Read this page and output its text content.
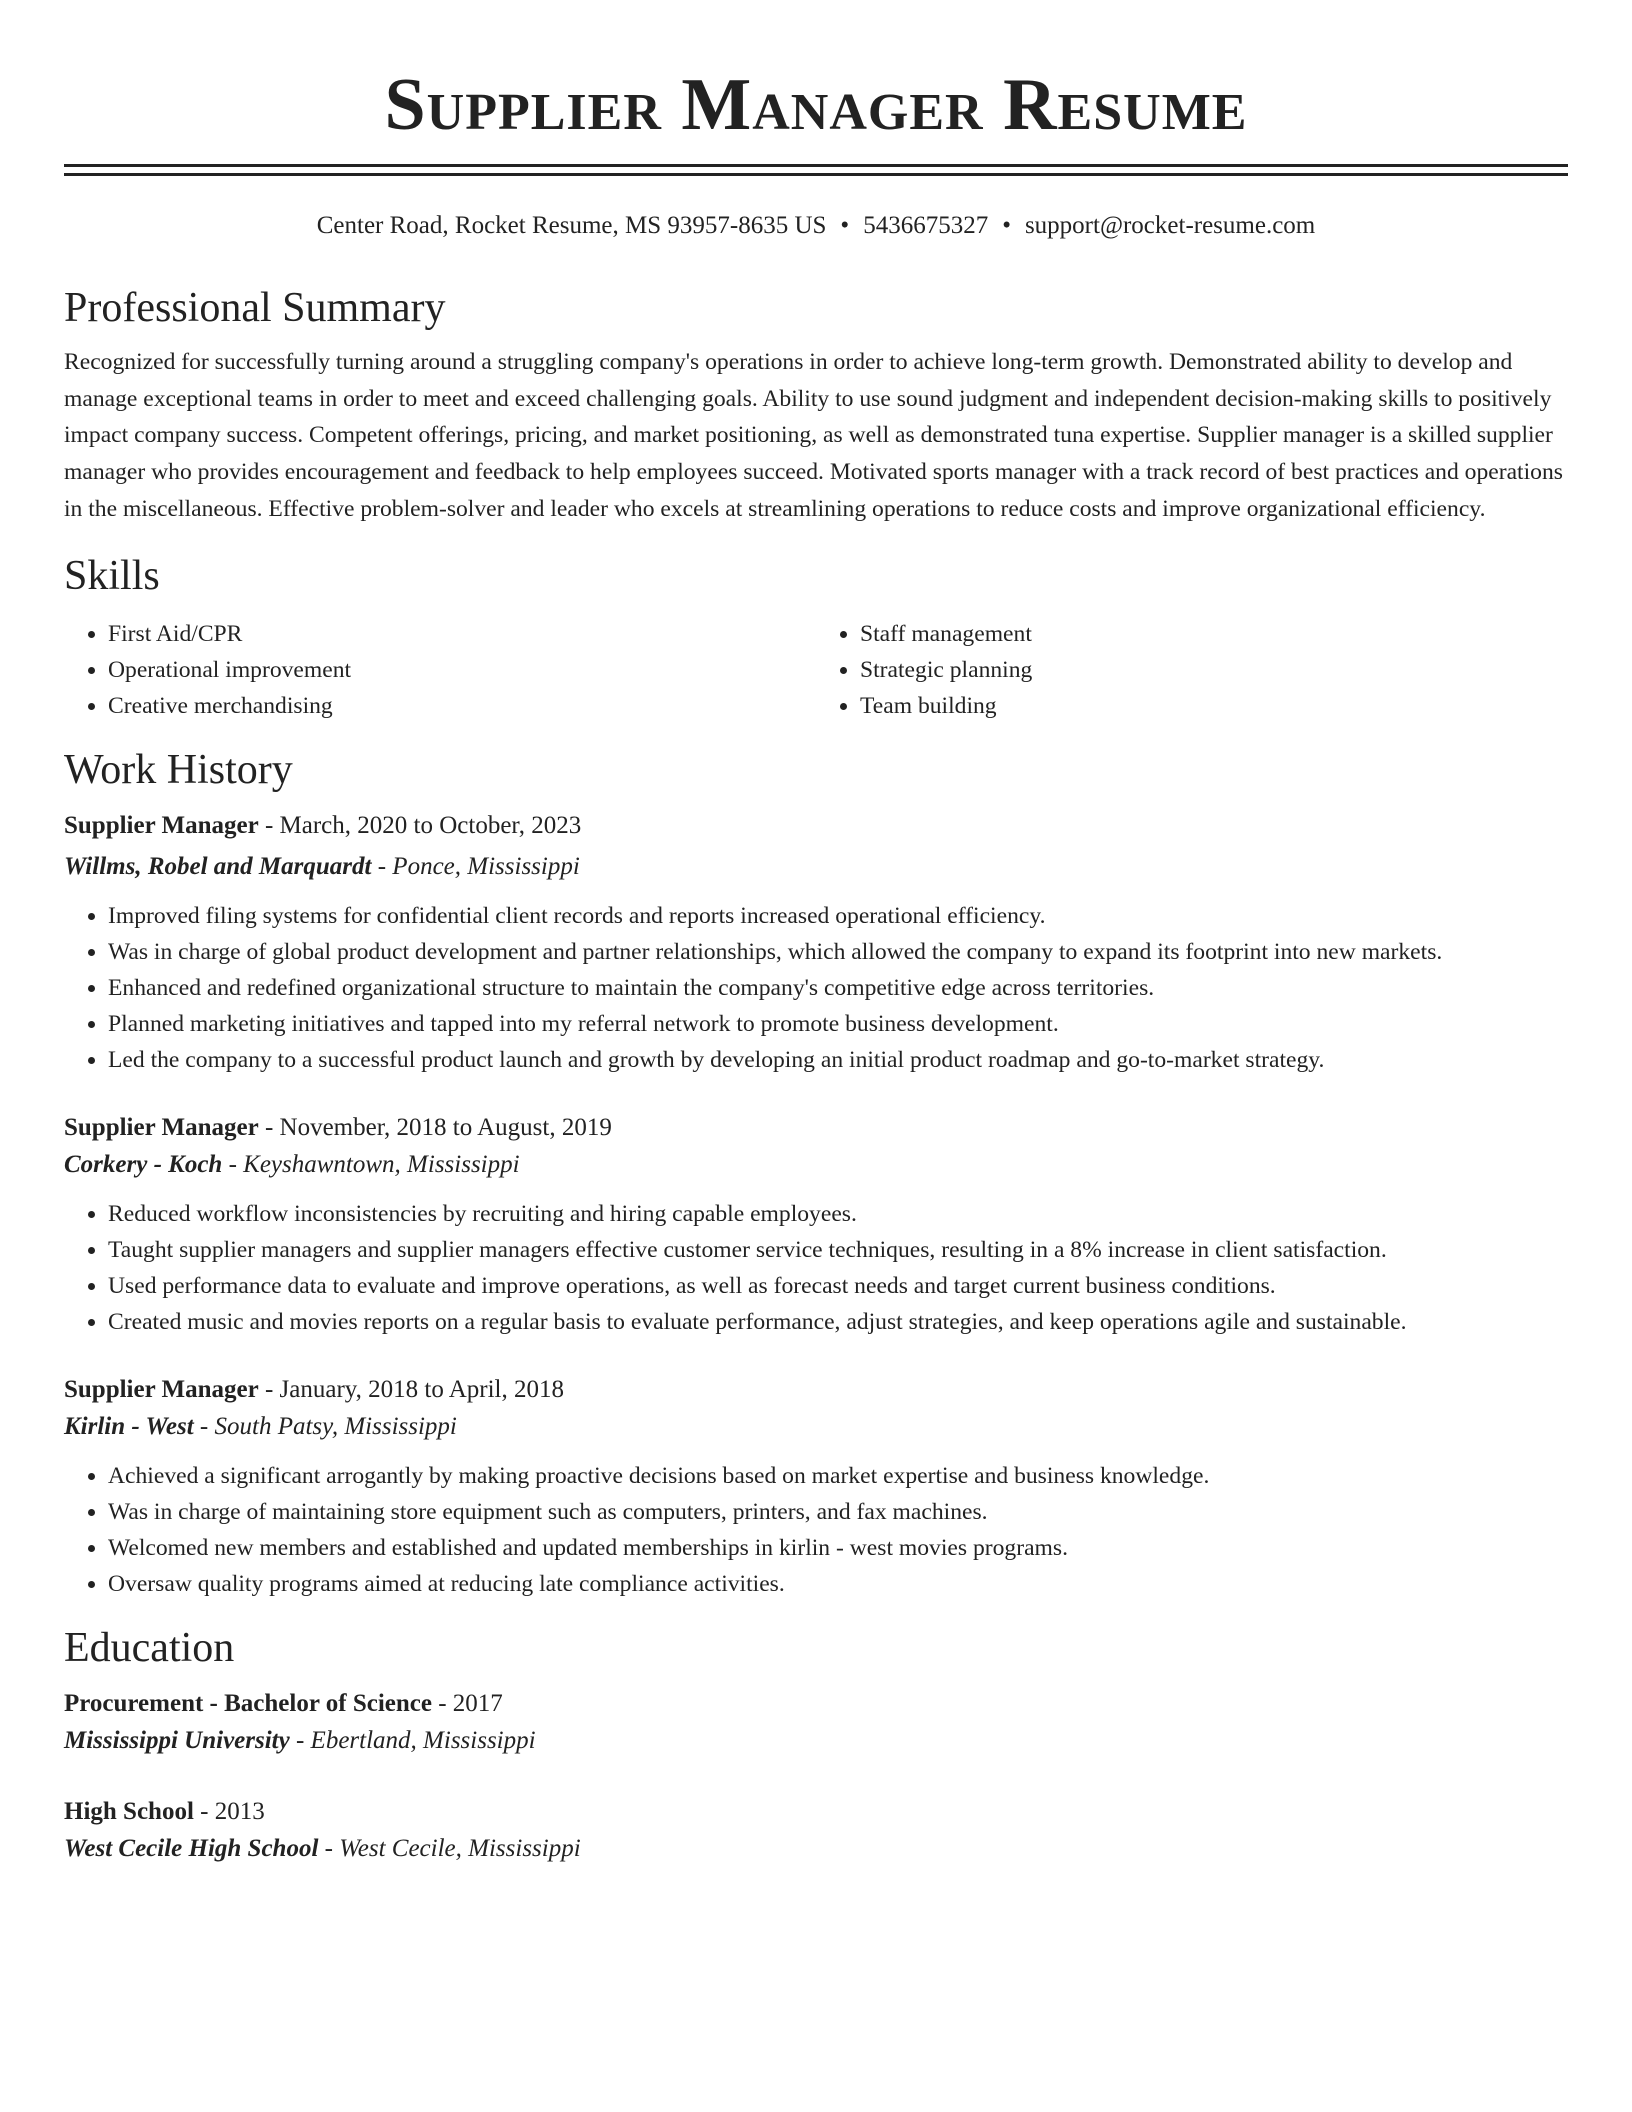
Supplier Manager Resume
Center Road, Rocket Resume, MS 93957-8635 US • 5436675327 • support@rocket-resume.com
Professional Summary

Recognized for successfully turning around a struggling company's operations in order to achieve long-term growth. Demonstrated ability to develop and manage exceptional teams in order to meet and exceed challenging goals. Ability to use sound judgment and independent decision-making skills to positively impact company success. Competent offerings, pricing, and market positioning, as well as demonstrated tuna expertise. Supplier manager is a skilled supplier manager who provides encouragement and feedback to help employees succeed. Motivated sports manager with a track record of best practices and operations in the miscellaneous. Effective problem-solver and leader who excels at streamlining operations to reduce costs and improve organizational efficiency.

Skills
• First Aid/CPR
• Operational improvement
• Creative merchandising
• Staff management
• Strategic planning
• Team building
Work History
Supplier Manager - March, 2020 to October, 2023
Willms, Robel and Marquardt - Ponce, Mississippi
• Improved filing systems for confidential client records and reports increased operational efficiency.
• Was in charge of global product development and partner relationships, which allowed the company to expand its footprint into new markets.
• Enhanced and redefined organizational structure to maintain the company's competitive edge across territories.
• Planned marketing initiatives and tapped into my referral network to promote business development.
• Led the company to a successful product launch and growth by developing an initial product roadmap and go-to-market strategy.
Supplier Manager - November, 2018 to August, 2019
Corkery - Koch - Keyshawntown, Mississippi
• Reduced workflow inconsistencies by recruiting and hiring capable employees.
• Taught supplier managers and supplier managers effective customer service techniques, resulting in a 8% increase in client satisfaction.
• Used performance data to evaluate and improve operations, as well as forecast needs and target current business conditions.
• Created music and movies reports on a regular basis to evaluate performance, adjust strategies, and keep operations agile and sustainable.
Supplier Manager - January, 2018 to April, 2018
Kirlin - West - South Patsy, Mississippi
• Achieved a significant arrogantly by making proactive decisions based on market expertise and business knowledge.
• Was in charge of maintaining store equipment such as computers, printers, and fax machines.
• Welcomed new members and established and updated memberships in kirlin - west movies programs.
• Oversaw quality programs aimed at reducing late compliance activities.
Education
Procurement - Bachelor of Science - 2017
Mississippi University - Ebertland, Mississippi
High School - 2013
West Cecile High School - West Cecile, Mississippi
